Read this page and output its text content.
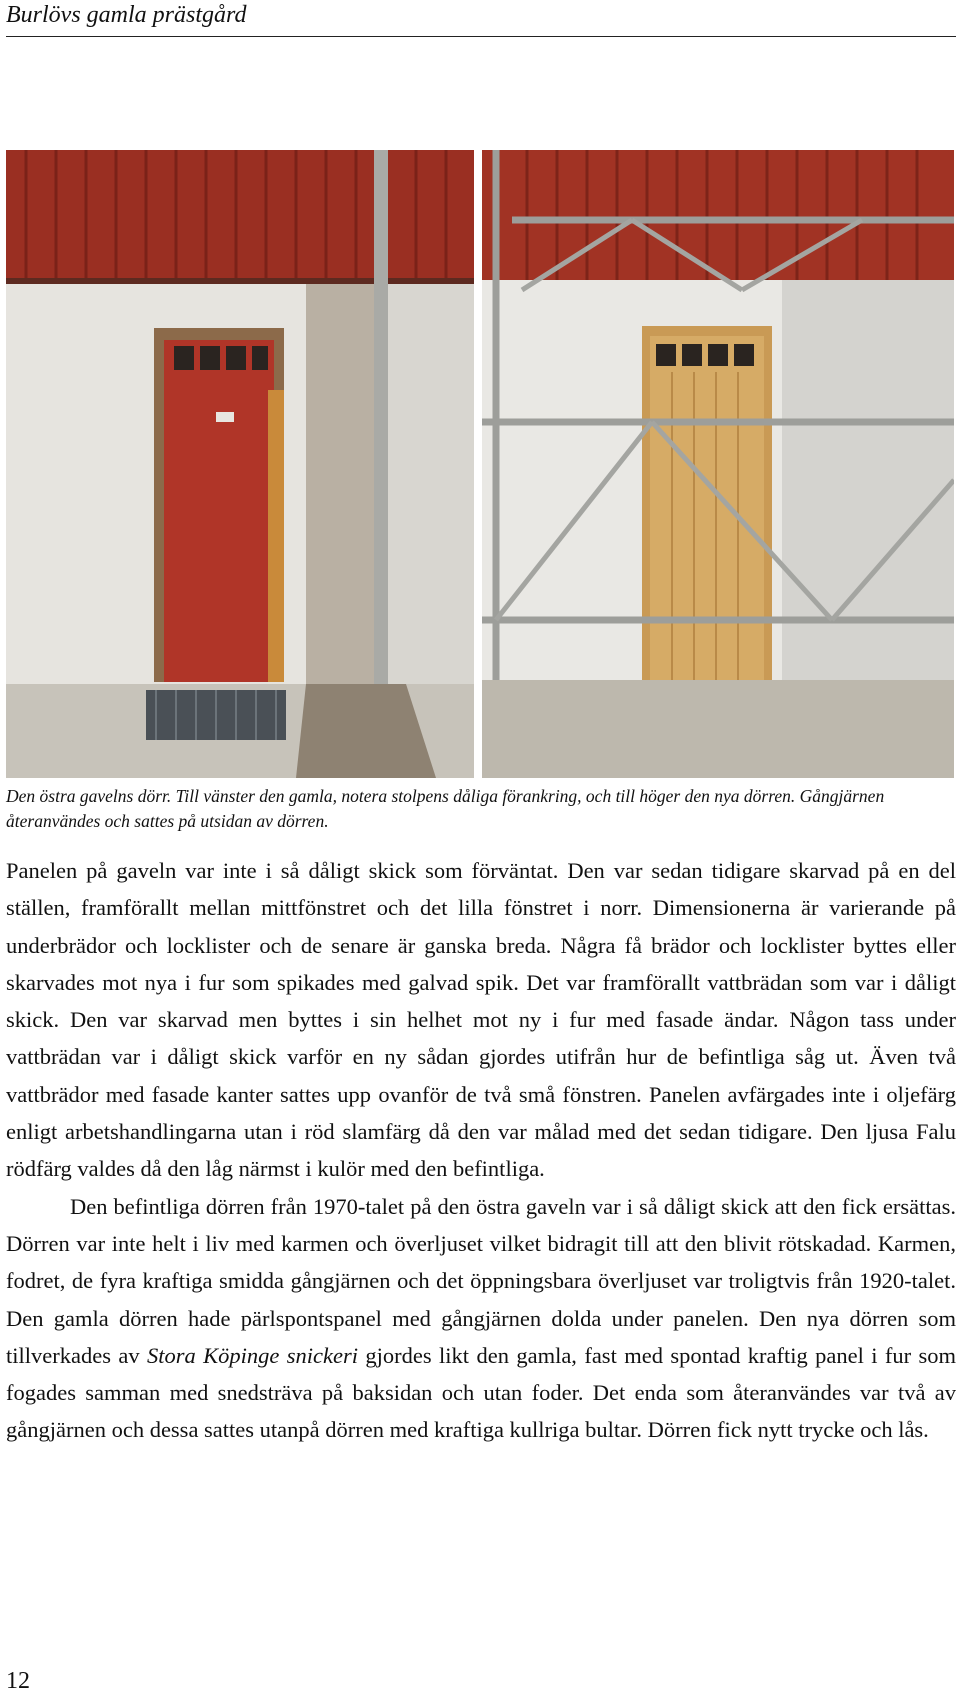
Burlövs gamla prästgård
Den östra gavelns dörr. Till vänster den gamla, notera stolpens dåliga förankring, och till höger den nya dörren. Gångjärnen återanvändes och sattes på utsidan av dörren.

Panelen på gaveln var inte i så dåligt skick som förväntat. Den var sedan tidigare skarvad på en del ställen, framförallt mellan mittfönstret och det lilla fönstret i norr. Dimensionerna är varierande på underbrädor och locklister och de senare är ganska breda. Några få brädor och locklister byttes eller skarvades mot nya i fur som spikades med galvad spik. Det var framförallt vattbrädan som var i dåligt skick. Den var skarvad men byttes i sin helhet mot ny i fur med fasade ändar. Någon tass under vattbrädan var i dåligt skick varför en ny sådan gjordes utifrån hur de befintliga såg ut. Även två vattbrädor med fasade kanter sattes upp ovanför de två små fönstren. Panelen avfärgades inte i oljefärg enligt arbetshandlingarna utan i röd slamfärg då den var målad med det sedan tidigare. Den ljusa Falu rödfärg valdes då den låg närmst i kulör med den befintliga.

Den befintliga dörren från 1970-talet på den östra gaveln var i så dåligt skick att den fick ersättas. Dörren var inte helt i liv med karmen och överljuset vilket bidragit till att den blivit rötskadad. Karmen, fodret, de fyra kraftiga smidda gångjärnen och det öppningsbara överljuset var troligtvis från 1920-talet. Den gamla dörren hade pärlspontspanel med gångjärnen dolda under panelen. Den nya dörren som tillverkades av Stora Köpinge snickeri gjordes likt den gamla, fast med spontad kraftig panel i fur som fogades samman med snedsträva på baksidan och utan foder. Det enda som återanvändes var två av gångjärnen och dessa sattes utanpå dörren med kraftiga kullriga bultar. Dörren fick nytt trycke och lås.

12
